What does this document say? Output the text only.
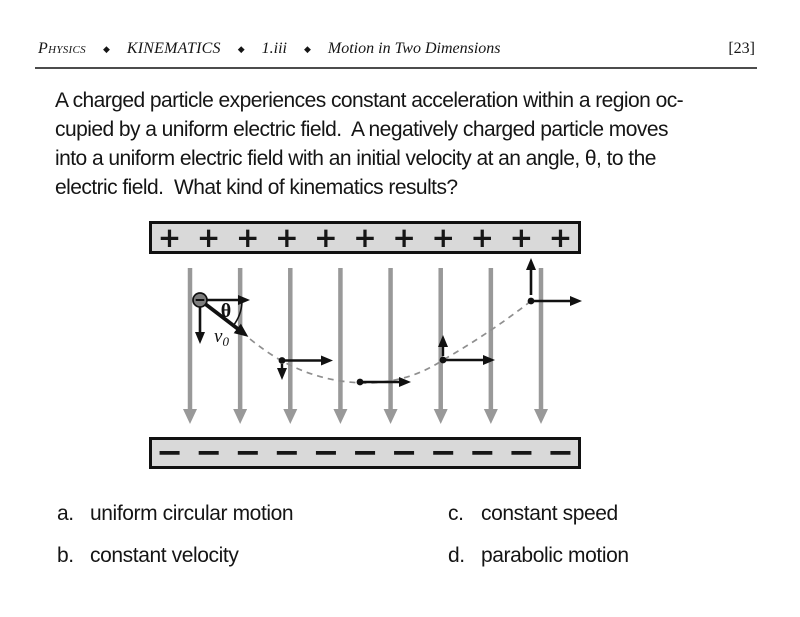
Physics ◆ KINEMATICS ◆ 1.iii ◆ Motion in Two Dimensions	[23]
A charged particle experiences constant acceleration within a region oc-
cupied by a uniform electric field.  A negatively charged particle moves
into a uniform electric field with an initial velocity at an angle, θ, to the
electric field.  What kind of kinematics results?
+ + + + + + + + + + +
− − − − − − − − − − −
θ
$v_0$
a. uniform circular motion	c. constant speed
b. constant velocity	d. parabolic motion
